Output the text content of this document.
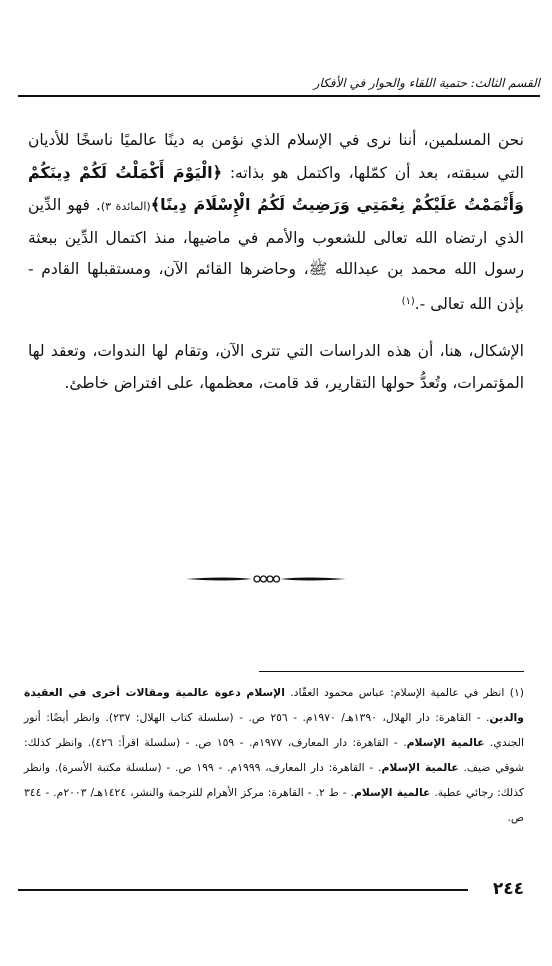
القسم الثالث: حتمية اللقاء والحوار في الأفكار

نحن المسلمين، أننا نرى في الإسلام الذي نؤمن به دينًا عالميًا ناسخًا للأديان التي سبقته، بعد أن كمّلها، واكتمل هو بذاته: ﴿الْيَوْمَ أَكْمَلْتُ لَكُمْ دِينَكُمْ وَأَتْمَمْتُ عَلَيْكُمْ نِعْمَتِي وَرَضِيتُ لَكُمُ الْإِسْلَامَ دِينًا﴾(المائدة ٣). فهو الدِّين الذي ارتضاه الله تعالى للشعوب والأمم في ماضيها، منذ اكتمال الدِّين ببعثة رسول الله محمد بن عبدالله ﷺ، وحاضرها القائم الآن، ومستقبلها القادم - بإذن الله تعالى -.$^{(١)}$

الإشكال، هنا، أن هذه الدراسات التي تترى الآن، وتقام لها الندوات، وتعقد لها المؤتمرات، وتُعدُّ حولها التقارير، قد قامت، معظمها، على افتراض خاطئ.

(١) انظر في عالمية الإسلام: عباس محمود العقّاد. الإسلام دعوة عالمية ومقالات أخرى في العقيدة والدين. - القاهرة: دار الهلال، ١٣٩٠هـ/ ١٩٧٠م. - ٢٥٦ ص. - (سلسلة كتاب الهلال: ٢٣٧). وانظر أيضًا: أنور الجندي. عالمية الإسلام. - القاهرة: دار المعارف، ١٩٧٧م. - ١٥٩ ص. - (سلسلة اقرأ: ٤٢٦). وانظر كذلك: شوقي ضيف. عالمية الإسلام. - القاهرة: دار المعارف، ١٩٩٩م. - ١٩٩ ص. - (سلسلة مكتبة الأسرة). وانظر كذلك: رجائي عطية. عالمية الإسلام. - ط ٢. - القاهرة: مركز الأهرام للترجمة والنشر، ١٤٢٤هـ/ ٢٠٠٣م. - ٣٤٤ ص.
٢٤٤
